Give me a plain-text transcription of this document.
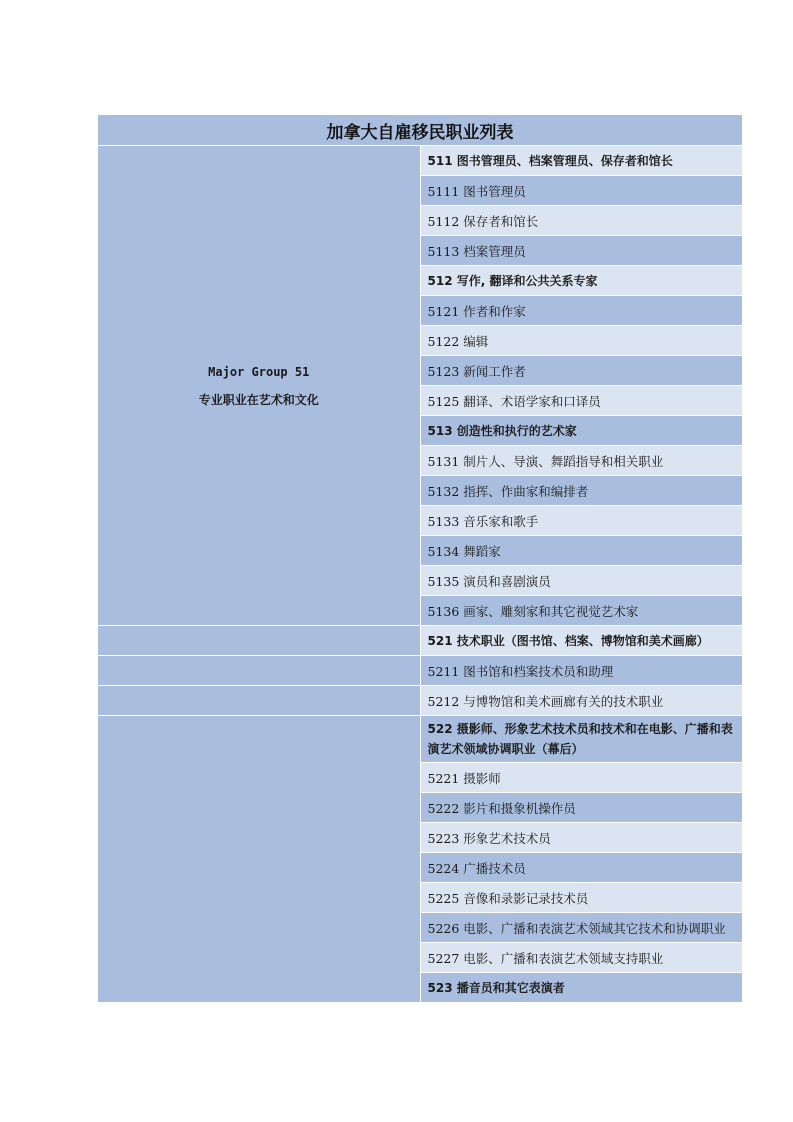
加拿大自雇移民职业列表	

Major Group 51
专业职业在艺术和文化	511 图书管理员、档案管理员、保存者和馆长
	5111 图书管理员
	5112 保存者和馆长
	5113 档案管理员
	512 写作, 翻译和公共关系专家
	5121 作者和作家
	5122 编辑
	5123 新闻工作者
	5125 翻译、术语学家和口译员
	513 创造性和执行的艺术家
	5131 制片人、导演、舞蹈指导和相关职业
	5132 指挥、作曲家和编排者
	5133 音乐家和歌手
	5134 舞蹈家
	5135 演员和喜剧演员
	5136 画家、雕刻家和其它视觉艺术家
	521 技术职业（图书馆、档案、博物馆和美术画廊）
	5211 图书馆和档案技术员和助理
	5212 与博物馆和美术画廊有关的技术职业
	522 摄影师、形象艺术技术员和技术和在电影、广播和表演艺术领域协调职业（幕后）
	5221 摄影师
	5222 影片和摄象机操作员
	5223 形象艺术技术员
	5224 广播技术员
	5225 音像和录影记录技术员
	5226 电影、广播和表演艺术领域其它技术和协调职业
	5227 电影、广播和表演艺术领域支持职业
	523 播音员和其它表演者
